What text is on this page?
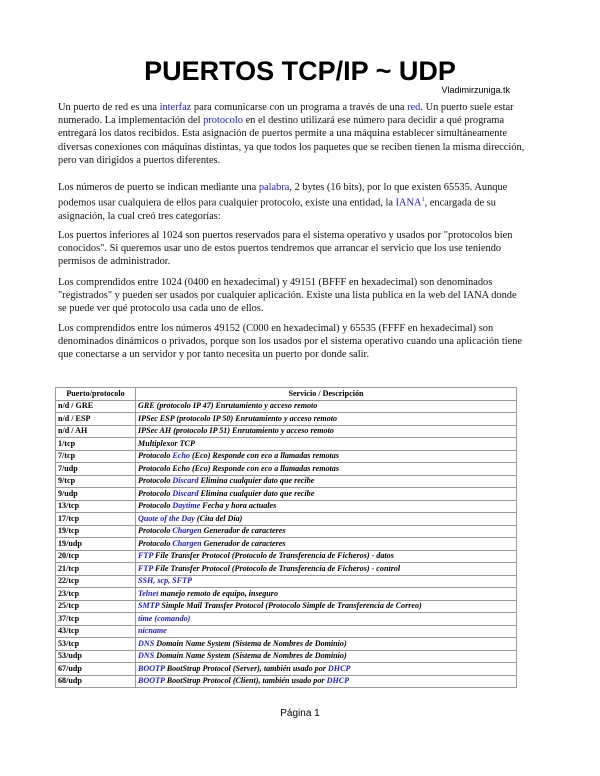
PUERTOS TCP/IP ~ UDP
Vladimirzuniga.tk

Un puerto de red es una interfaz para comunicarse con un programa a través de una red. Un puerto suele estar numerado. La implementación del protocolo en el destino utilizará ese número para decidir a qué programa entregará los datos recibidos. Esta asignación de puertos permite a una máquina establecer simultáneamente diversas conexiones con máquinas distintas, ya que todos los paquetes que se reciben tienen la misma dirección, pero van dirigidos a puertos diferentes.

Los números de puerto se indican mediante una palabra, 2 bytes (16 bits), por lo que existen 65535. Aunque podemos usar cualquiera de ellos para cualquier protocolo, existe una entidad, la IANA$^1$, encargada de su asignación, la cual creó tres categorías:

Los puertos inferiores al 1024 son puertos reservados para el sistema operativo y usados por "protocolos bien conocidos". Si queremos usar uno de estos puertos tendremos que arrancar el servicio que los use teniendo permisos de administrador.

Los comprendidos entre 1024 (0400 en hexadecimal) y 49151 (BFFF en hexadecimal) son denominados "registrados" y pueden ser usados por cualquier aplicación. Existe una lista publica en la web del IANA donde se puede ver qué protocolo usa cada uno de ellos.

Los comprendidos entre los números 49152 (C000 en hexadecimal) y 65535 (FFFF en hexadecimal) son denominados dinámicos o privados, porque son los usados por el sistema operativo cuando una aplicación tiene que conectarse a un servidor y por tanto necesita un puerto por donde salir.

Puerto/protocolo	Servicio / Descripción
n/d / GRE	GRE (protocolo IP 47) Enrutamiento y acceso remoto
n/d / ESP	IPSec ESP (protocolo IP 50) Enrutamiento y acceso remoto
n/d / AH	IPSec AH (protocolo IP 51) Enrutamiento y acceso remoto
1/tcp	Multiplexor TCP
7/tcp	Protocolo Echo (Eco) Responde con eco a llamadas remotas
7/udp	Protocolo Echo (Eco) Responde con eco a llamadas remotas
9/tcp	Protocolo Discard Elimina cualquier dato que recibe
9/udp	Protocolo Discard Elimina cualquier dato que recibe
13/tcp	Protocolo Daytime Fecha y hora actuales
17/tcp	Quote of the Day (Cita del Día)
19/tcp	Protocolo Chargen Generador de caracteres
19/udp	Protocolo Chargen Generador de caracteres
20/tcp	FTP File Transfer Protocol (Protocolo de Transferencia de Ficheros) - datos
21/tcp	FTP File Transfer Protocol (Protocolo de Transferencia de Ficheros) - control
22/tcp	SSH, scp, SFTP
23/tcp	Telnet manejo remoto de equipo, inseguro
25/tcp	SMTP Simple Mail Transfer Protocol (Protocolo Simple de Transferencia de Correo)
37/tcp	time (comando)
43/tcp	nicname
53/tcp	DNS Domain Name System (Sistema de Nombres de Dominio)
53/udp	DNS Domain Name System (Sistema de Nombres de Dominio)
67/udp	BOOTP BootStrap Protocol (Server), también usado por DHCP
68/udp	BOOTP BootStrap Protocol (Client), también usado por DHCP
Página 1
